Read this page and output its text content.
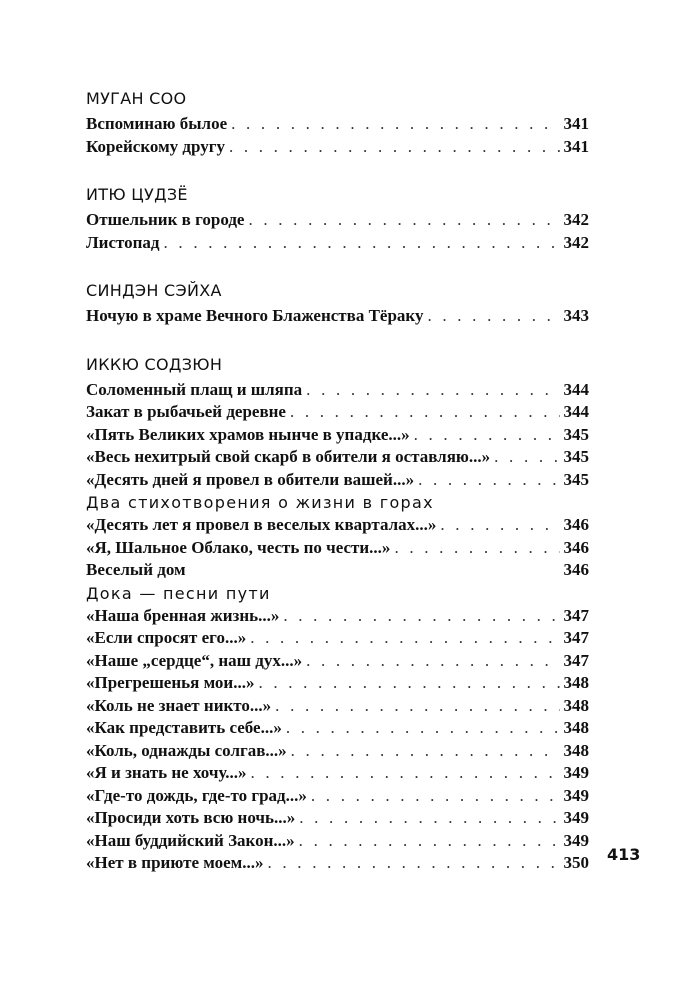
МУГАН СОО
Вспоминаю былое . . .	341
Корейскому другу . . .	341
ИТЮ ЦУДЗЁ
Отшельник в городе . . .	342
Листопад . . .	342
СИНДЭН СЭЙХА
Ночую в храме Вечного Блаженства Тёраку . . .	343
ИККЮ СОДЗЮН
Соломенный плащ и шляпа . . .	344
Закат в рыбачьей деревне . . .	344
«Пять Великих храмов нынче в упадке...» . . .	345
«Весь нехитрый свой скарб в обители я оставляю...» . . .	345
«Десять дней я провел в обители вашей...» . . .	345
Два стихотворения о жизни в горах
«Десять лет я провел в веселых кварталах...» . . .	346
«Я, Шальное Облако, честь по чести...» . . .	346
Веселый дом	346
Дока — песни пути
«Наша бренная жизнь...» . . .	347
«Если спросят его...» . . .	347
«Наше „сердце“, наш дух...» . . .	347
«Прегрешенья мои...» . . .	348
«Коль не знает никто...» . . .	348
«Как представить себе...» . . .	348
«Коль, однажды солгав...» . . .	348
«Я и знать не хочу...» . . .	349
«Где-то дождь, где-то град...» . . .	349
«Просиди хоть всю ночь...» . . .	349
«Наш буддийский Закон...» . . .	349
«Нет в приюте моем...» . . .	350 413
